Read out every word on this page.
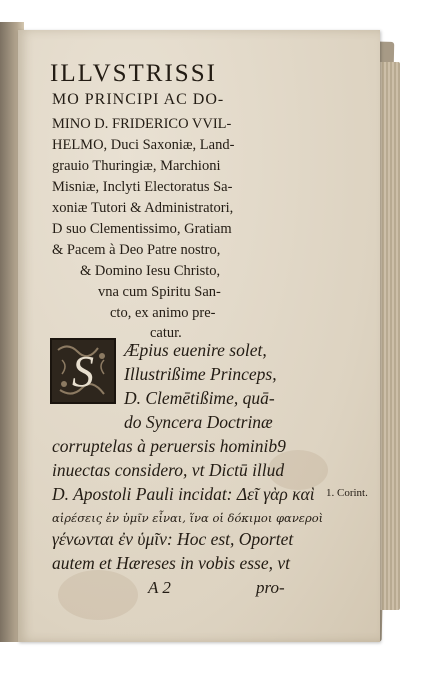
ILLVSTRISSI
MO PRINCIPI AC DO-
MINO D. FRIDERICO VVIL-
HELMO, Duci Saxoniæ, Land-
grauio Thuringiæ, Marchioni
Misniæ, Inclyti Electoratus Sa-
xoniæ Tutori & Administratori,
D suo Clementissimo, Gratiam
& Pacem à Deo Patre nostro,
& Domino Iesu Christo,
vna cum Spiritu San-
cto, ex animo pre-
catur.
Æpius euenire solet,
Illustrißime Princeps,
D. Clemētißime, quā-
do Syncera Doctrinæ
corruptelas à peruersis hominib9
inuectas considero, vt Dictū illud
D. Apostoli Pauli incidat: Δεῖ γὰρ καὶ
αἱρέσεις ἐν ὑμῖν εἶναι, ἵνα οἱ δόκιμοι φανεροὶ
γένωνται ἐν ὑμῖν: Hoc est, Oportet
autem et Hæreses in vobis esse, vt
S
1. Corint.
A 2	pro-
